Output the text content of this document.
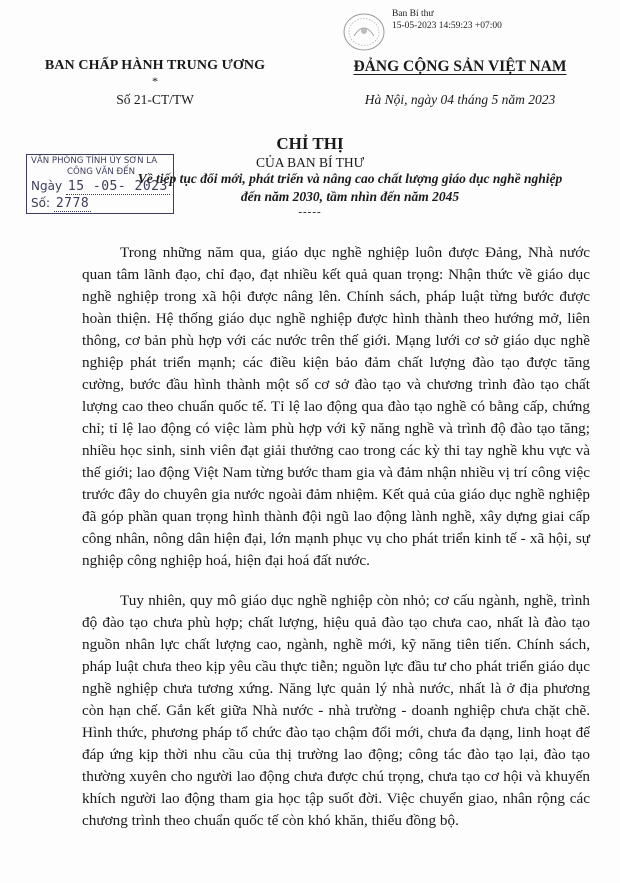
Ban Bí thư
15-05-2023 14:59:23 +07:00
BAN CHẤP HÀNH TRUNG ƯƠNG
*
Số 21-CT/TW
ĐẢNG CỘNG SẢN VIỆT NAM
Hà Nội, ngày 04 tháng 5 năm 2023
CHỈ THỊ
CỦA BAN BÍ THƯ
Về tiếp tục đổi mới, phát triển và nâng cao chất lượng giáo dục nghề nghiệp
đến năm 2030, tầm nhìn đến năm 2045
-----
VĂN PHÒNG TỈNH ỦY SƠN LA
CÔNG VĂN ĐẾN
Ngày 15 -05- 2023
Số: 2778

Trong những năm qua, giáo dục nghề nghiệp luôn được Đảng, Nhà nước quan tâm lãnh đạo, chỉ đạo, đạt nhiều kết quả quan trọng: Nhận thức về giáo dục nghề nghiệp trong xã hội được nâng lên. Chính sách, pháp luật từng bước được hoàn thiện. Hệ thống giáo dục nghề nghiệp được hình thành theo hướng mở, liên thông, cơ bản phù hợp với các nước trên thế giới. Mạng lưới cơ sở giáo dục nghề nghiệp phát triển mạnh; các điều kiện bảo đảm chất lượng đào tạo được tăng cường, bước đầu hình thành một số cơ sở đào tạo và chương trình đào tạo chất lượng cao theo chuẩn quốc tế. Tỉ lệ lao động qua đào tạo nghề có bằng cấp, chứng chỉ; tỉ lệ lao động có việc làm phù hợp với kỹ năng nghề và trình độ đào tạo tăng; nhiều học sinh, sinh viên đạt giải thưởng cao trong các kỳ thi tay nghề khu vực và thế giới; lao động Việt Nam từng bước tham gia và đảm nhận nhiều vị trí công việc trước đây do chuyên gia nước ngoài đảm nhiệm. Kết quả của giáo dục nghề nghiệp đã góp phần quan trọng hình thành đội ngũ lao động lành nghề, xây dựng giai cấp công nhân, nông dân hiện đại, lớn mạnh phục vụ cho phát triển kinh tế - xã hội, sự nghiệp công nghiệp hoá, hiện đại hoá đất nước.

Tuy nhiên, quy mô giáo dục nghề nghiệp còn nhỏ; cơ cấu ngành, nghề, trình độ đào tạo chưa phù hợp; chất lượng, hiệu quả đào tạo chưa cao, nhất là đào tạo nguồn nhân lực chất lượng cao, ngành, nghề mới, kỹ năng tiên tiến. Chính sách, pháp luật chưa theo kịp yêu cầu thực tiễn; nguồn lực đầu tư cho phát triển giáo dục nghề nghiệp chưa tương xứng. Năng lực quản lý nhà nước, nhất là ở địa phương còn hạn chế. Gắn kết giữa Nhà nước - nhà trường - doanh nghiệp chưa chặt chẽ. Hình thức, phương pháp tổ chức đào tạo chậm đổi mới, chưa đa dạng, linh hoạt để đáp ứng kịp thời nhu cầu của thị trường lao động; công tác đào tạo lại, đào tạo thường xuyên cho người lao động chưa được chú trọng, chưa tạo cơ hội và khuyến khích người lao động tham gia học tập suốt đời. Việc chuyển giao, nhân rộng các chương trình theo chuẩn quốc tế còn khó khăn, thiếu đồng bộ.
